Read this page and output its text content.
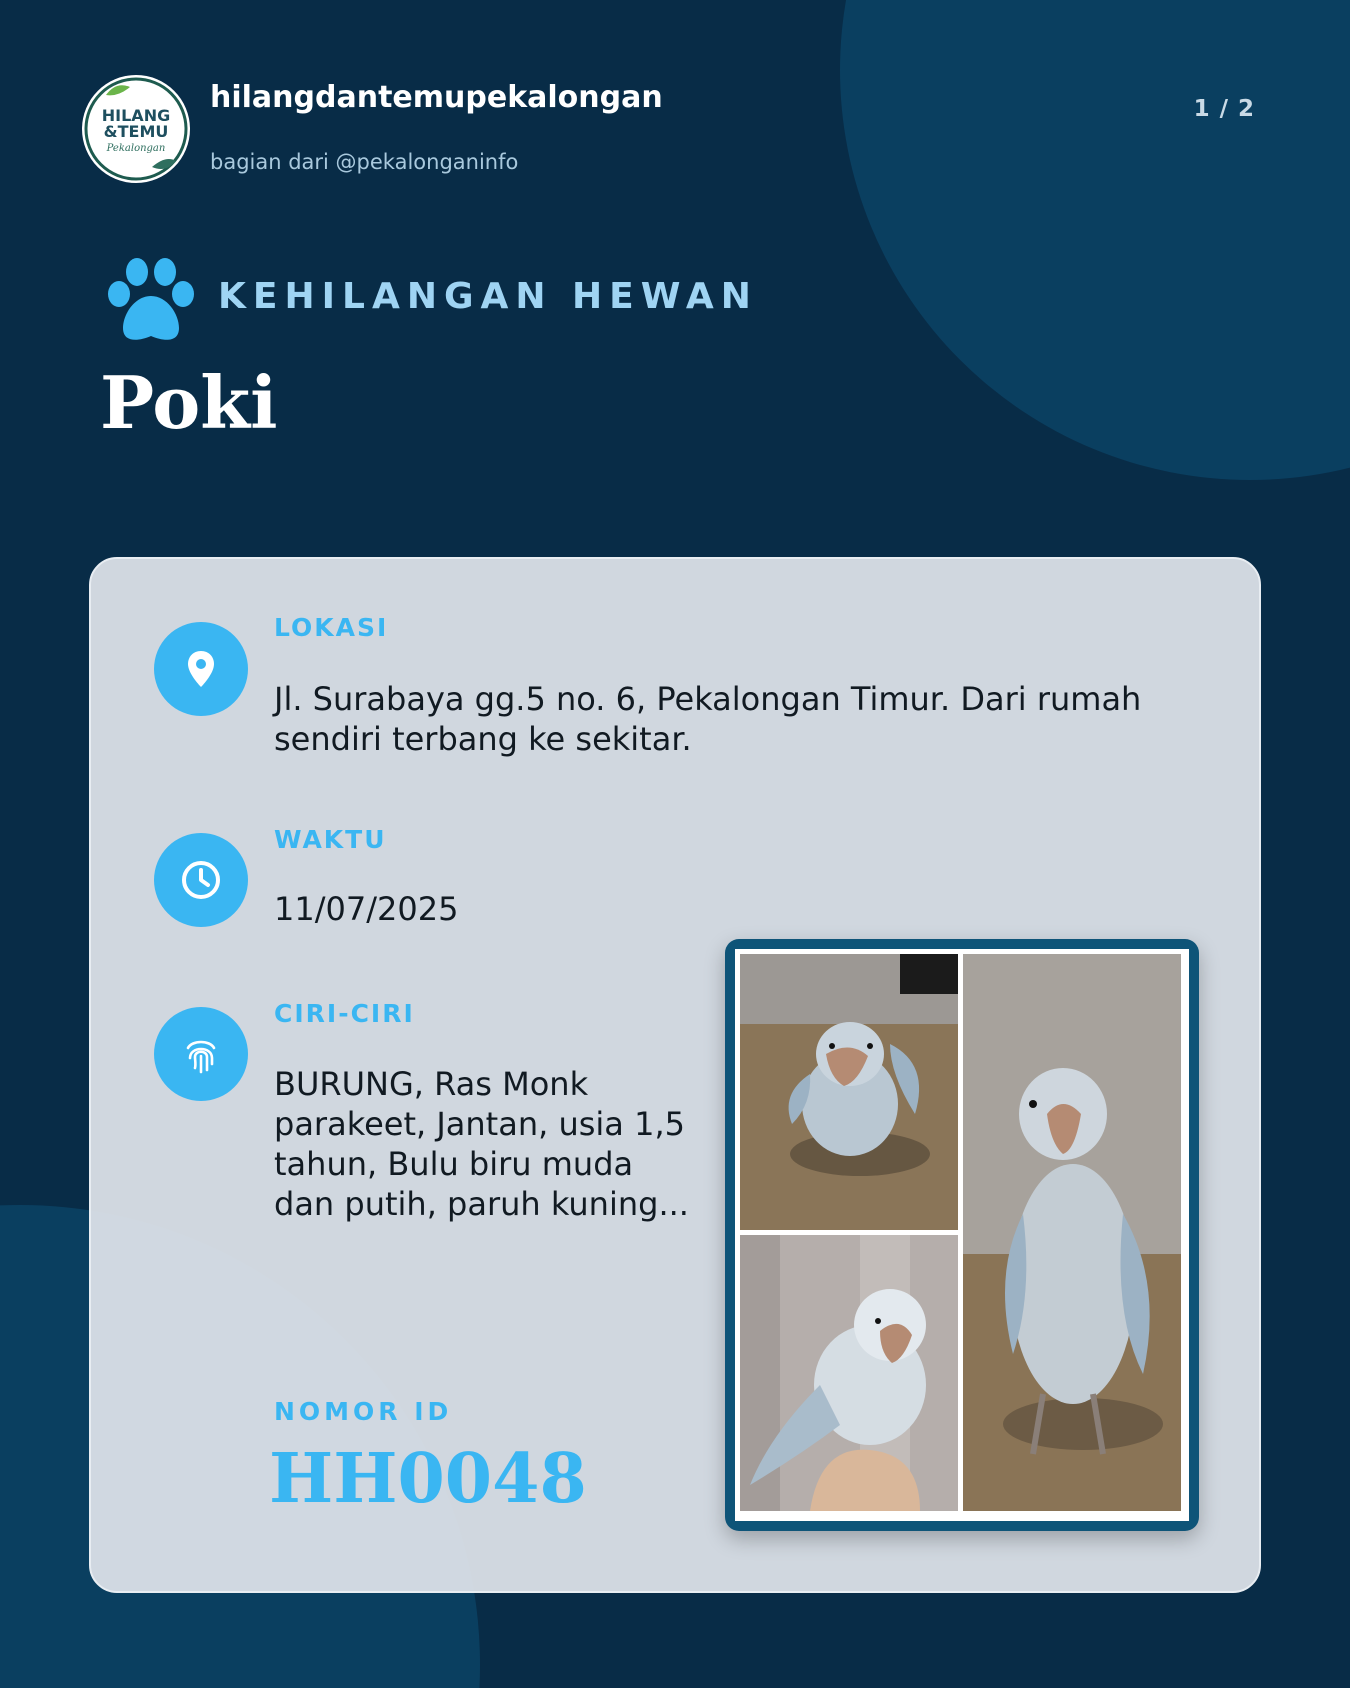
HILANG
&TEMU
Pekalongan
hilangdantemupekalongan
bagian dari @pekalonganinfo
1 / 2
KEHILANGAN HEWAN
Poki
LOKASI
Jl. Surabaya gg.5 no. 6, Pekalongan Timur. Dari rumah sendiri terbang ke sekitar.
WAKTU
11/07/2025
CIRI-CIRI
BURUNG, Ras Monk parakeet, Jantan, usia 1,5 tahun, Bulu biru muda dan putih, paruh kuning...
NOMOR ID
HH0048
